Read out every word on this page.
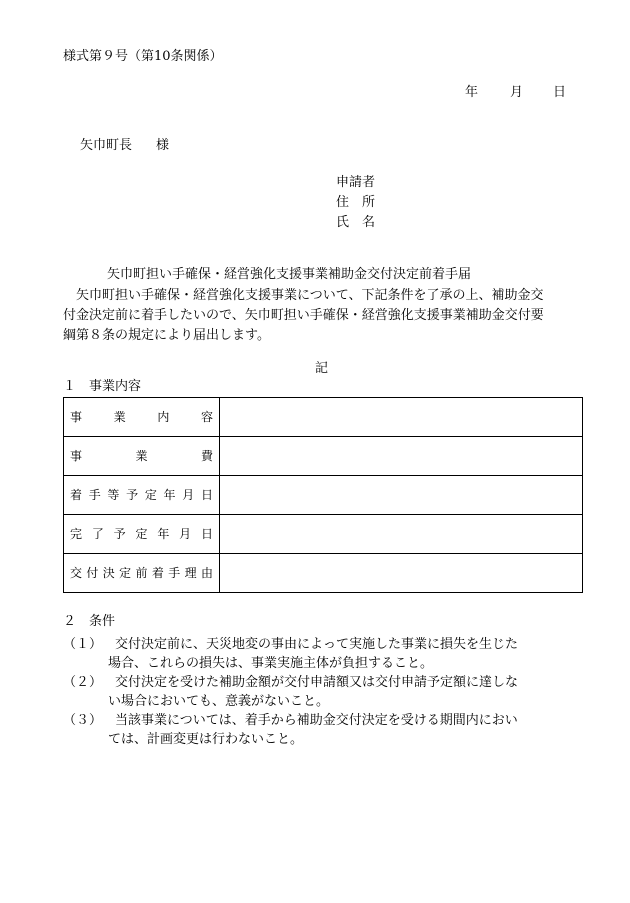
様式第９号（第10条関係）
年 月 日
矢巾町長 様
申請者
住　所
氏　名
矢巾町担い手確保・経営強化支援事業補助金交付決定前着手届

矢巾町担い手確保・経営強化支援事業について、下記条件を了承の上、補助金交

付金決定前に着手したいので、矢巾町担い手確保・経営強化支援事業補助金交付要

綱第８条の規定により届出します。

記
１　事業内容
事業内容	
事業費	
着手等予定年月日	
完了予定年月日	
交付決定前着手理由	
２　条件
（１） 交付決定前に、天災地変の事由によって実施した事業に損失を生じた
場合、これらの損失は、事業実施主体が負担すること。
（２） 交付決定を受けた補助金額が交付申請額又は交付申請予定額に達しな
い場合においても、意義がないこと。
（３） 当該事業については、着手から補助金交付決定を受ける期間内におい
ては、計画変更は行わないこと。
